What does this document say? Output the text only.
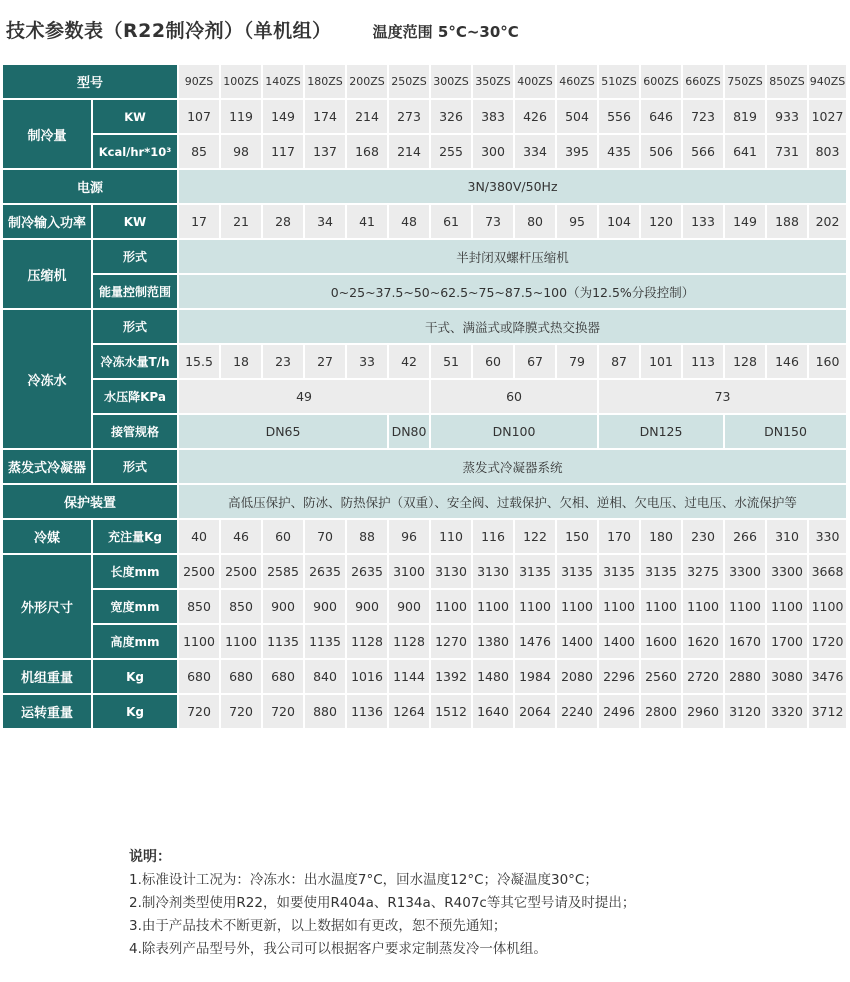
技术参数表（R22制冷剂）（单机组）	温度范围 5°C~30°C
型号		90ZS	100ZS	140ZS	180ZS	200ZS	250ZS	300ZS	350ZS	400ZS	460ZS	510ZS	600ZS	660ZS	750ZS	850ZS	940ZS
制冷量	KW	107	119	149	174	214	273	326	383	426	504	556	646	723	819	933	1027
	Kcal/hr*10³	85	98	117	137	168	214	255	300	334	395	435	506	566	641	731	803
电源		3N/380V/50Hz															
制冷输入功率	KW	17	21	28	34	41	48	61	73	80	95	104	120	133	149	188	202
压缩机	形式	半封闭双螺杆压缩机															
	能量控制范围	0~25~37.5~50~62.5~75~87.5~100（为12.5%分段控制）															
冷冻水	形式	干式、满溢式或降膜式热交换器															
	冷冻水量T/h	15.5	18	23	27	33	42	51	60	67	79	87	101	113	128	146	160
	水压降KPa	49						60				73					
	接管规格	DN65					DN80	DN100				DN125			DN150		
蒸发式冷凝器	形式	蒸发式冷凝器系统															
保护装置		高低压保护、防冰、防热保护（双重）、安全阀、过载保护、欠相、逆相、欠电压、过电压、水流保护等															
冷媒	充注量Kg	40	46	60	70	88	96	110	116	122	150	170	180	230	266	310	330
外形尺寸	长度mm	2500	2500	2585	2635	2635	3100	3130	3130	3135	3135	3135	3135	3275	3300	3300	3668
	宽度mm	850	850	900	900	900	900	1100	1100	1100	1100	1100	1100	1100	1100	1100	1100
	高度mm	1100	1100	1135	1135	1128	1128	1270	1380	1476	1400	1400	1600	1620	1670	1700	1720
机组重量	Kg	680	680	680	840	1016	1144	1392	1480	1984	2080	2296	2560	2720	2880	3080	3476
运转重量	Kg	720	720	720	880	1136	1264	1512	1640	2064	2240	2496	2800	2960	3120	3320	3712
说明：
1.标准设计工况为：冷冻水：出水温度7°C，回水温度12°C；冷凝温度30°C；
2.制冷剂类型使用R22，如要使用R404a、R134a、R407c等其它型号请及时提出；
3.由于产品技术不断更新，以上数据如有更改，恕不预先通知；
4.除表列产品型号外，我公司可以根据客户要求定制蒸发冷一体机组。
